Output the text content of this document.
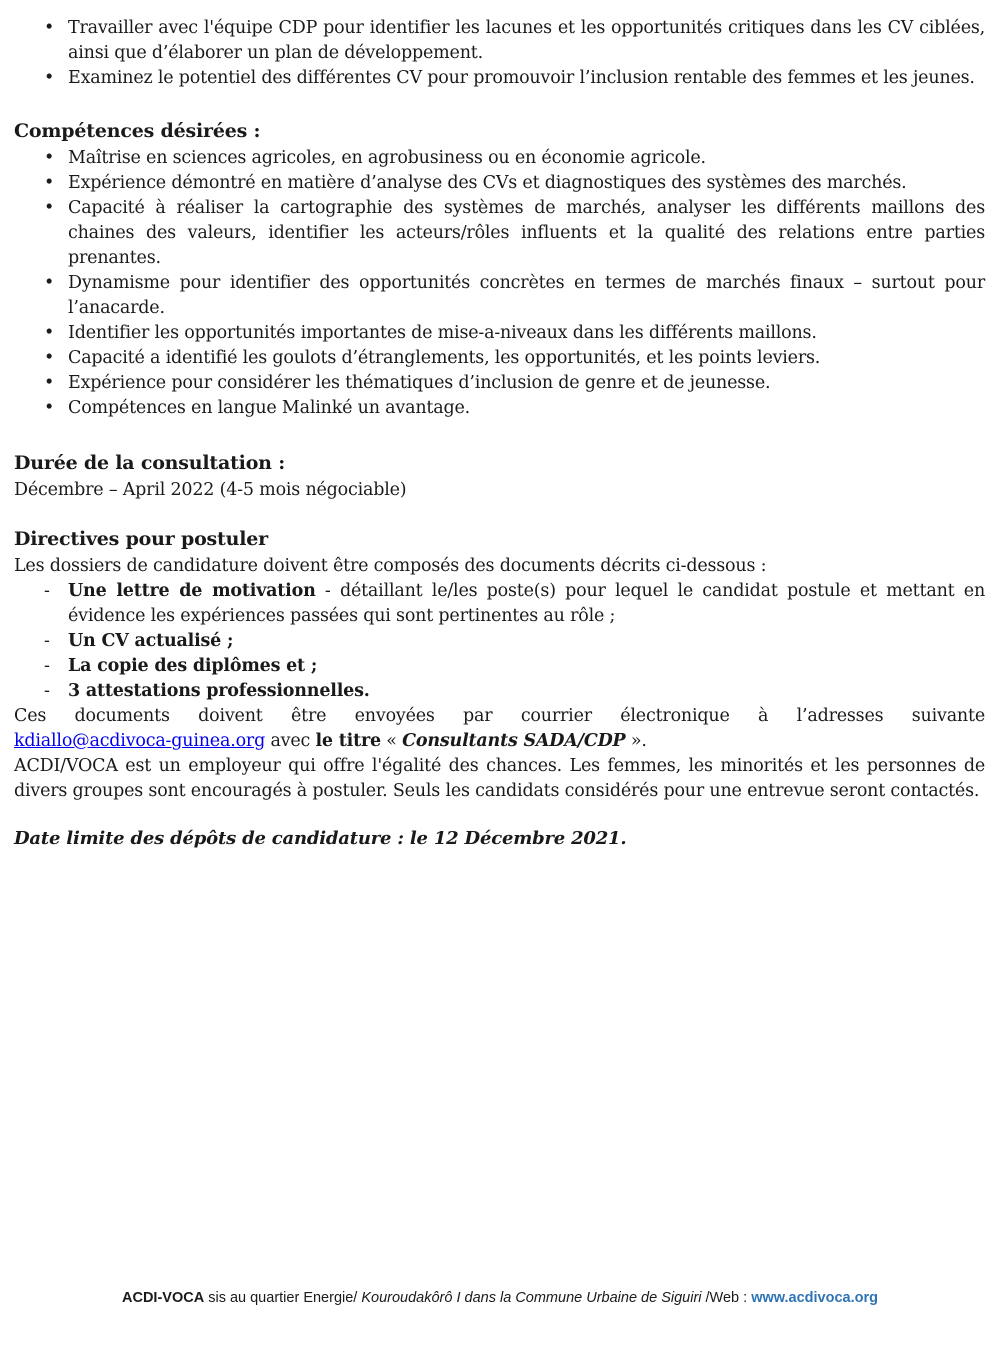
• Travailler avec l'équipe CDP pour identifier les lacunes et les opportunités critiques dans les CV ciblées, ainsi que d’élaborer un plan de développement.
• Examinez le potentiel des différentes CV pour promouvoir l’inclusion rentable des femmes et les jeunes.
Compétences désirées :
• Maîtrise en sciences agricoles, en agrobusiness ou en économie agricole.
• Expérience démontré en matière d’analyse des CVs et diagnostiques des systèmes des marchés.
• Capacité à réaliser la cartographie des systèmes de marchés, analyser les différents maillons des chaines des valeurs, identifier les acteurs/rôles influents et la qualité des relations entre parties prenantes.
• Dynamisme pour identifier des opportunités concrètes en termes de marchés finaux – surtout pour l’anacarde.
• Identifier les opportunités importantes de mise-a-niveaux dans les différents maillons.
• Capacité a identifié les goulots d’étranglements, les opportunités, et les points leviers.
• Expérience pour considérer les thématiques d’inclusion de genre et de jeunesse.
• Compétences en langue Malinké un avantage.
Durée de la consultation :
Décembre – April 2022 (4-5 mois négociable)
Directives pour postuler
Les dossiers de candidature doivent être composés des documents décrits ci-dessous :
-	Une lettre de motivation - détaillant le/les poste(s) pour lequel le candidat postule et mettant en évidence les expériences passées qui sont pertinentes au rôle ;
-	Un CV actualisé ;
-	La copie des diplômes et ;
-	3 attestations professionnelles.
Ces documents doivent être envoyées par courrier électronique à l’adresses suivante
kdiallo@acdivoca-guinea.org avec le titre « Consultants SADA/CDP ».
ACDI/VOCA est un employeur qui offre l'égalité des chances. Les femmes, les minorités et les personnes de divers groupes sont encouragés à postuler. Seuls les candidats considérés pour une entrevue seront contactés.
Date limite des dépôts de candidature : le 12 Décembre 2021.
ACDI-VOCA sis au quartier Energie/ Kouroudakôrô I dans la Commune Urbaine de Siguiri /Web : www.acdivoca.org
